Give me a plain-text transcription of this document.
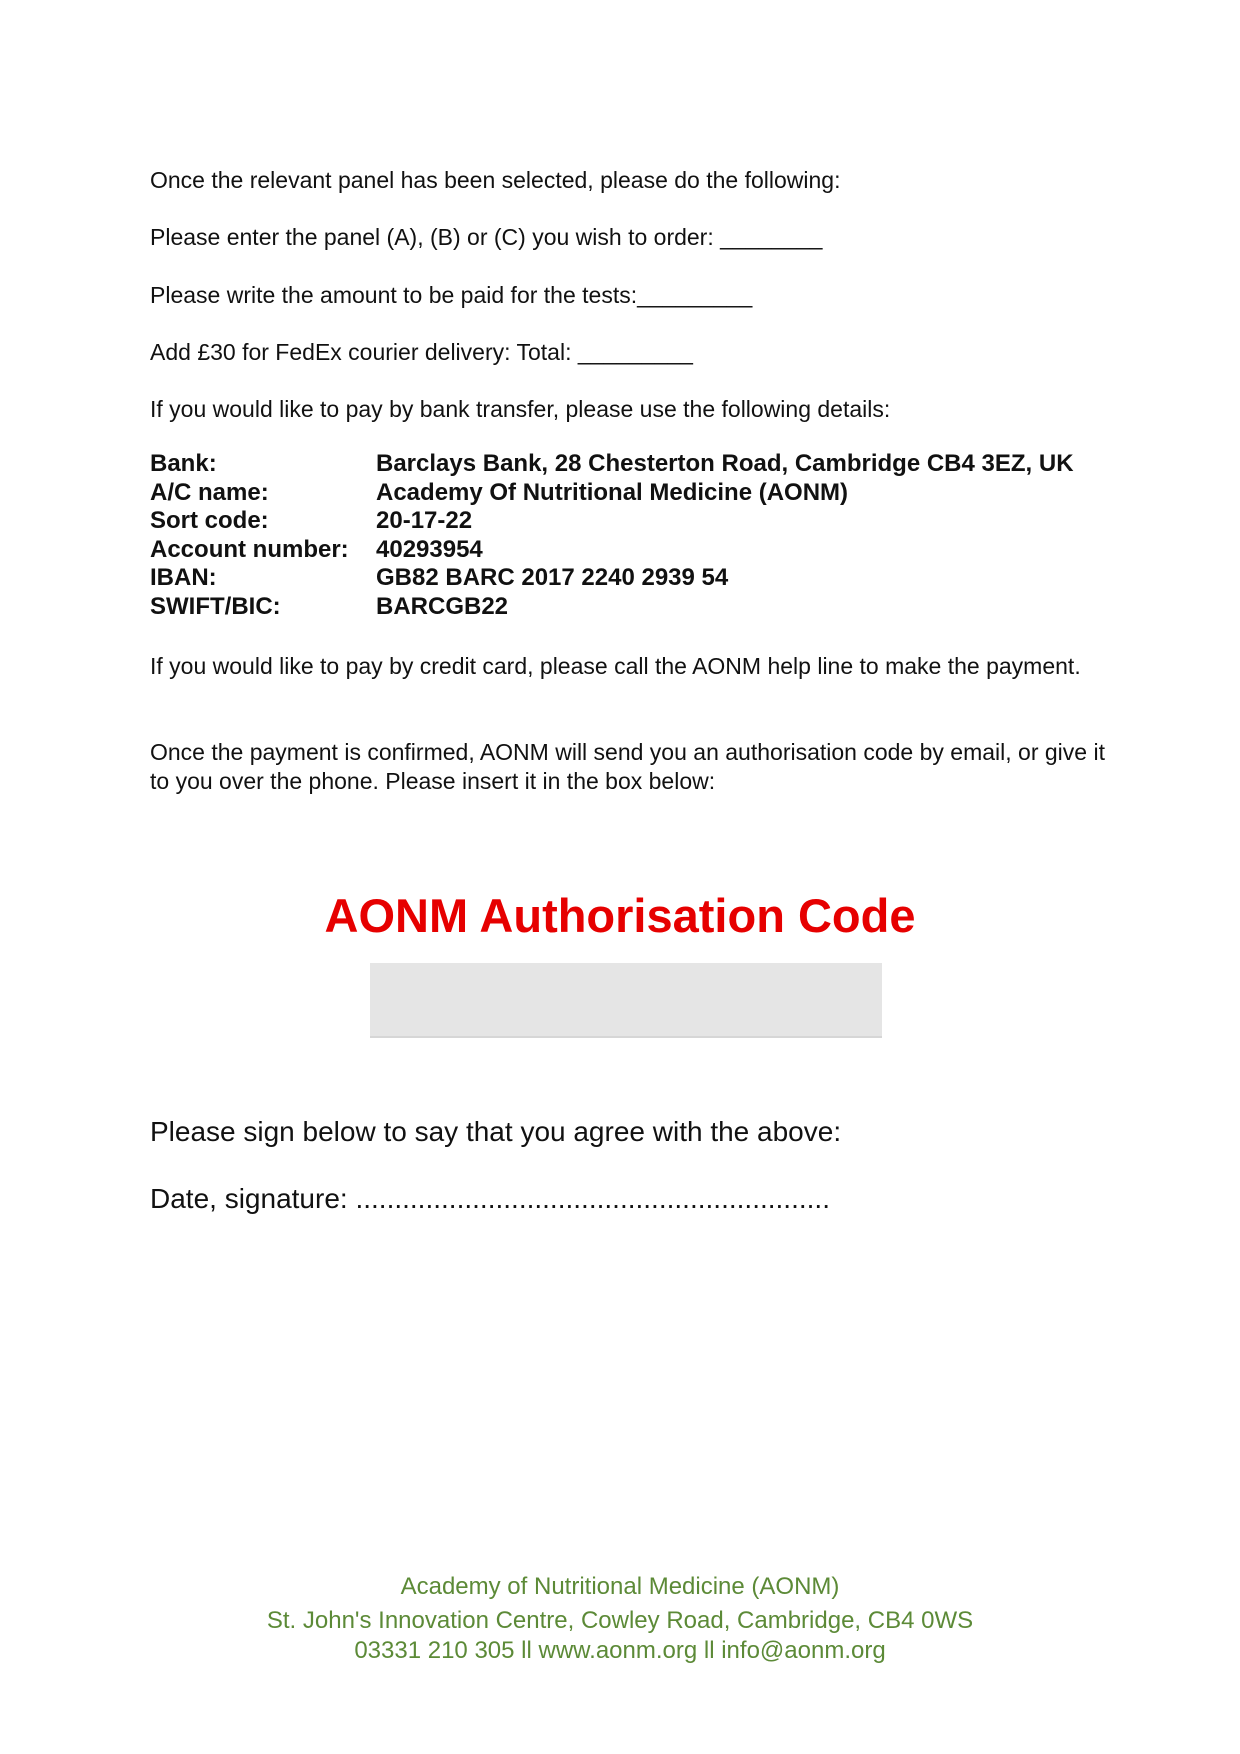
Once the relevant panel has been selected, please do the following:

Please enter the panel (A), (B) or (C) you wish to order: ________

Please write the amount to be paid for the tests:_________

Add £30 for FedEx courier delivery: Total: _________

If you would like to pay by bank transfer, please use the following details:

Bank:	Barclays Bank, 28 Chesterton Road, Cambridge CB4 3EZ, UK
A/C name:	Academy Of Nutritional Medicine (AONM)
Sort code:	20-17-22
Account number:	40293954
IBAN:	GB82 BARC 2017 2240 2939 54
SWIFT/BIC:	BARCGB22

If you would like to pay by credit card, please call the AONM help line to make the payment.

Once the payment is confirmed, AONM will send you an authorisation code by email, or give it to you over the phone. Please insert it in the box below:

AONM Authorisation Code

Please sign below to say that you agree with the above:

Date, signature: .............................................................

Academy of Nutritional Medicine (AONM)

St. John's Innovation Centre, Cowley Road, Cambridge, CB4 0WS

03331 210 305 ll www.aonm.org ll info@aonm.org
